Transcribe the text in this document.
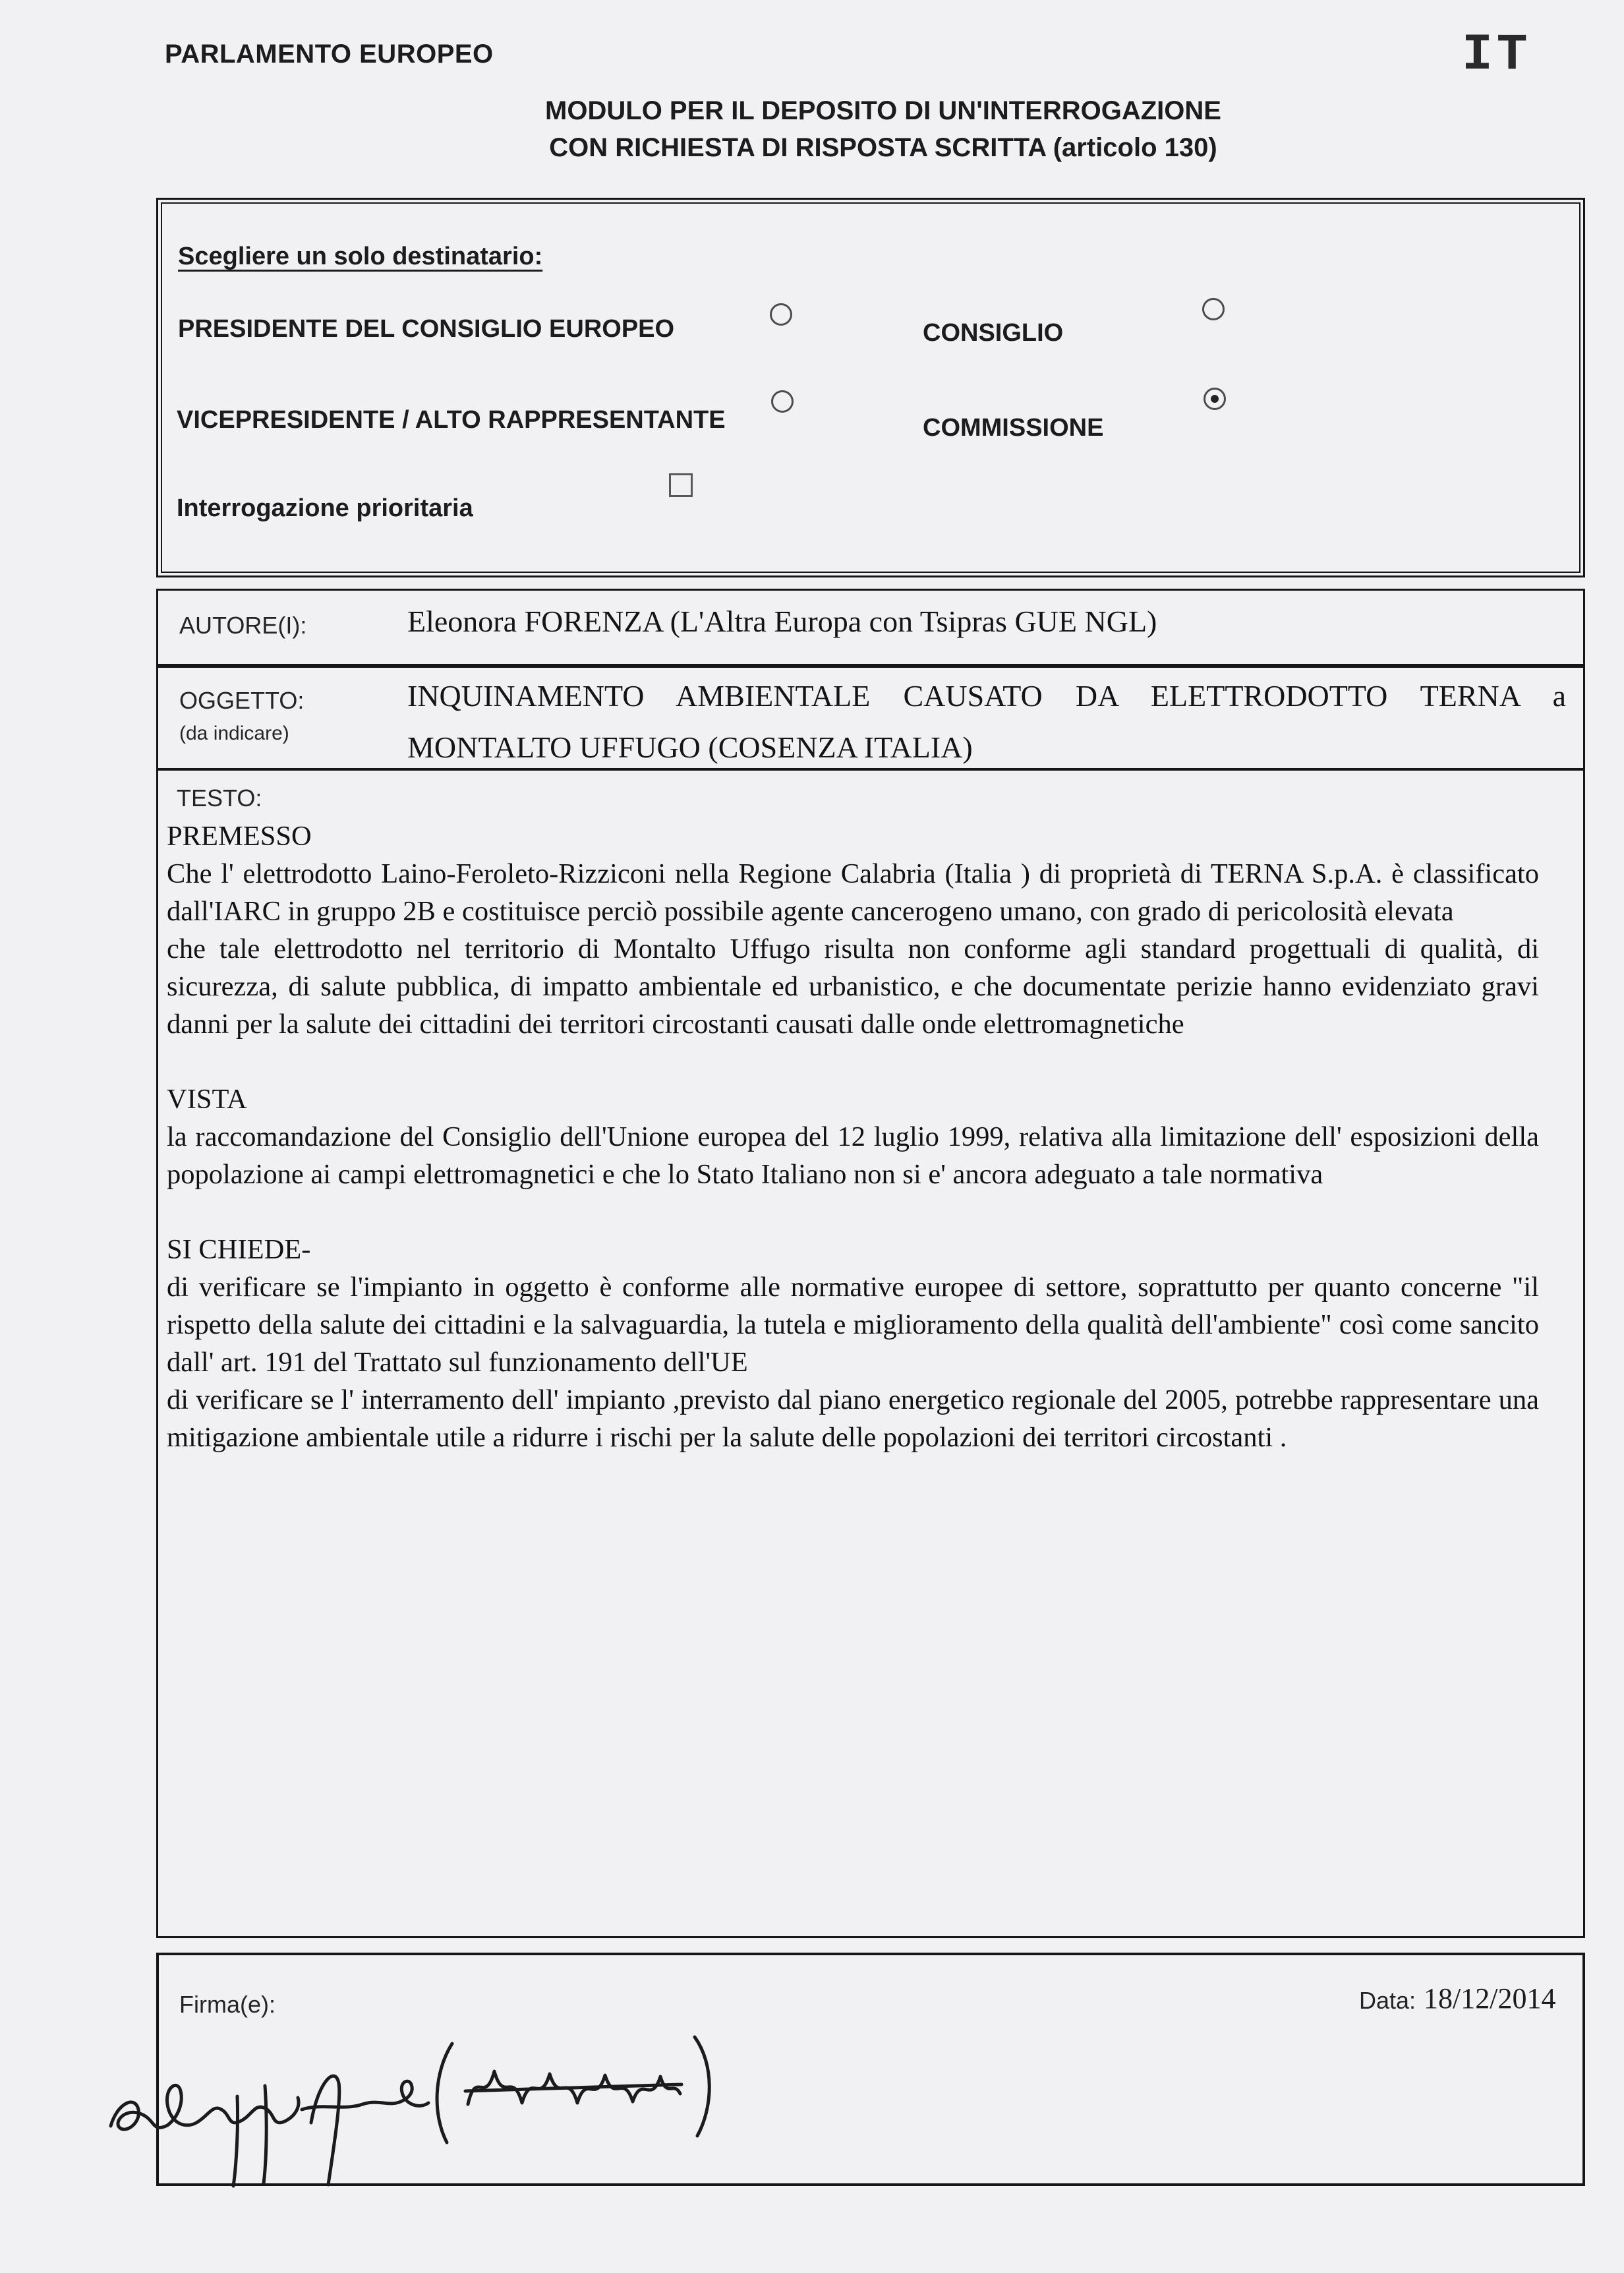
PARLAMENTO EUROPEO	IT
MODULO PER IL DEPOSITO DI UN'INTERROGAZIONE
CON RICHIESTA DI RISPOSTA SCRITTA (articolo 130)
Scegliere un solo destinatario:
PRESIDENTE DEL CONSIGLIO EUROPEO	CONSIGLIO
VICEPRESIDENTE / ALTO RAPPRESENTANTE	COMMISSIONE
Interrogazione prioritaria
AUTORE(I):	Eleonora FORENZA (L'Altra Europa con Tsipras GUE NGL)
OGGETTO:
(da indicare)
INQUINAMENTO AMBIENTALE CAUSATO DA ELETTRODOTTO TERNA a
MONTALTO UFFUGO (COSENZA ITALIA)
TESTO:

PREMESSO

Che l' elettrodotto Laino-Feroleto-Rizziconi nella Regione Calabria (Italia ) di proprietà di TERNA S.p.A. è classificato dall'IARC in gruppo 2B e costituisce perciò possibile agente cancerogeno umano, con grado di pericolosità elevata

che tale elettrodotto nel territorio di Montalto Uffugo risulta non conforme agli standard progettuali di qualità, di sicurezza, di salute pubblica, di impatto ambientale ed urbanistico, e che documentate perizie hanno evidenziato gravi danni per la salute dei cittadini dei territori circostanti causati dalle onde elettromagnetiche

VISTA

la raccomandazione del Consiglio dell'Unione europea del 12 luglio 1999, relativa alla limitazione dell' esposizioni della popolazione ai campi elettromagnetici e che lo Stato Italiano non si e' ancora adeguato a tale normativa

SI CHIEDE-

di verificare se l'impianto in oggetto è conforme alle normative europee di settore, soprattutto per quanto concerne "il rispetto della salute dei cittadini e la salvaguardia, la tutela e miglioramento della qualità dell'ambiente" così come sancito dall' art. 191 del Trattato sul funzionamento dell'UE

di verificare se l' interramento dell' impianto ,previsto dal piano energetico regionale del 2005, potrebbe rappresentare una mitigazione ambientale utile a ridurre i rischi per la salute delle popolazioni dei territori circostanti .

Firma(e):	Data: 18/12/2014
